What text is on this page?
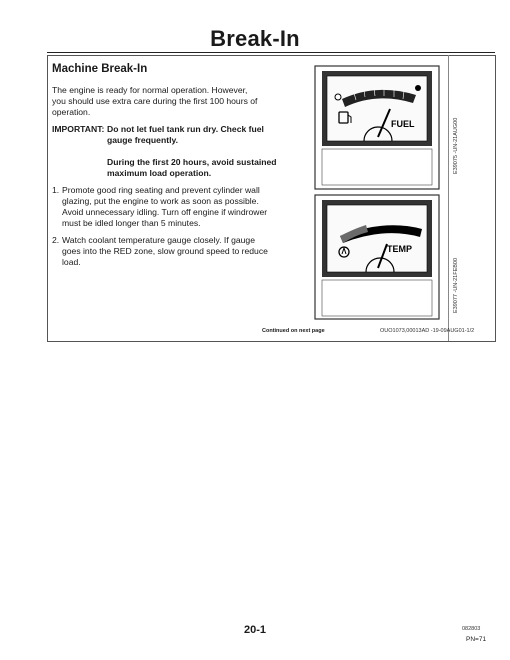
Break-In
Machine Break-In
The engine is ready for normal operation. However, you should use extra care during the first 100 hours of operation.
IMPORTANT: Do not let fuel tank run dry. Check fuel gauge frequently.
During the first 20 hours, avoid sustained maximum load operation.
1. Promote good ring seating and prevent cylinder wall glazing, put the engine to work as soon as possible. Avoid unnecessary idling. Turn off engine if windrower must be idled longer than 5 minutes.
2. Watch coolant temperature gauge closely. If gauge goes into the RED zone, slow ground speed to reduce load.
FUEL	E39075 -UN-21AUG00
TEMP
E39077 -UN-21FEB00
Continued on next page	OUO1073,00013AD -19-09AUG01-1/2
20-1	082803
PN=71
